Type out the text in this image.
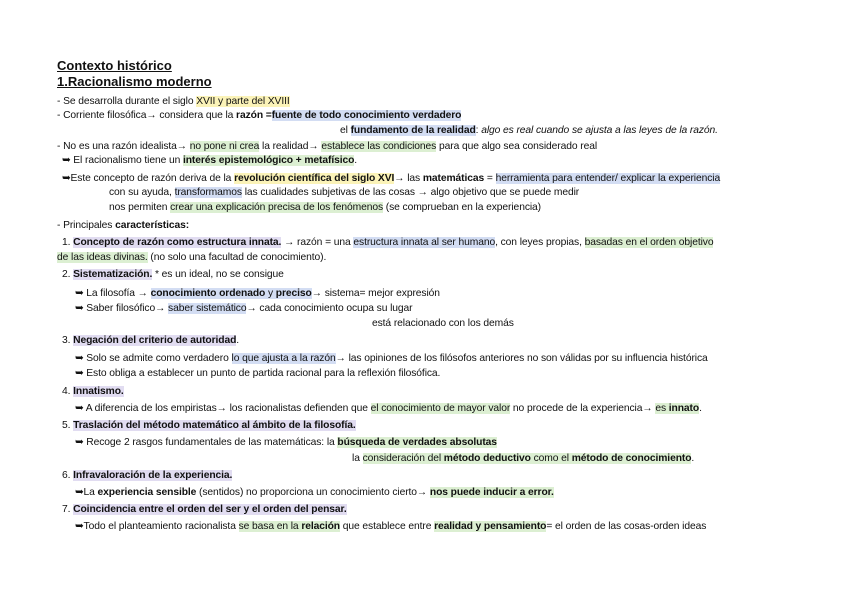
Contexto histórico
1.Racionalismo moderno
- Se desarrolla durante el siglo XVII y parte del XVIII
- Corriente filosófica→ considera que la razón =fuente de todo conocimiento verdadero
el fundamento de la realidad: algo es real cuando se ajusta a las leyes de la razón.
- No es una razón idealista→ no pone ni crea la realidad→ establece las condiciones para que algo sea considerado real
➥ El racionalismo tiene un interés epistemológico + metafísico.
➥Este concepto de razón deriva de la revolución científica del siglo XVI→ las matemáticas = herramienta para entender/ explicar la experiencia
con su ayuda, transformamos las cualidades subjetivas de las cosas → algo objetivo que se puede medir
nos permiten crear una explicación precisa de los fenómenos (se comprueban en la experiencia)
- Principales características:
1. Concepto de razón como estructura innata. → razón = una estructura innata al ser humano, con leyes propias, basadas en el orden objetivo
de las ideas divinas. (no solo una facultad de conocimiento).
2. Sistematización. * es un ideal, no se consigue
➥ La filosofía → conocimiento ordenado y preciso→ sistema= mejor expresión
➥ Saber filosófico→ saber sistemático→ cada conocimiento ocupa su lugar
está relacionado con los demás
3. Negación del criterio de autoridad.
➥ Solo se admite como verdadero lo que ajusta a la razón→ las opiniones de los filósofos anteriores no son válidas por su influencia histórica
➥ Esto obliga a establecer un punto de partida racional para la reflexión filosófica.
4. Innatismo.
➥ A diferencia de los empiristas→ los racionalistas defienden que el conocimiento de mayor valor no procede de la experiencia→ es innato.
5. Traslación del método matemático al ámbito de la filosofía.
➥ Recoge 2 rasgos fundamentales de las matemáticas: la búsqueda de verdades absolutas
la consideración del método deductivo como el método de conocimiento.
6. Infravaloración de la experiencia.
➥La experiencia sensible (sentidos) no proporciona un conocimiento cierto→ nos puede inducir a error.
7. Coincidencia entre el orden del ser y el orden del pensar.
➥Todo el planteamiento racionalista se basa en la relación que establece entre realidad y pensamiento= el orden de las cosas-orden ideas
